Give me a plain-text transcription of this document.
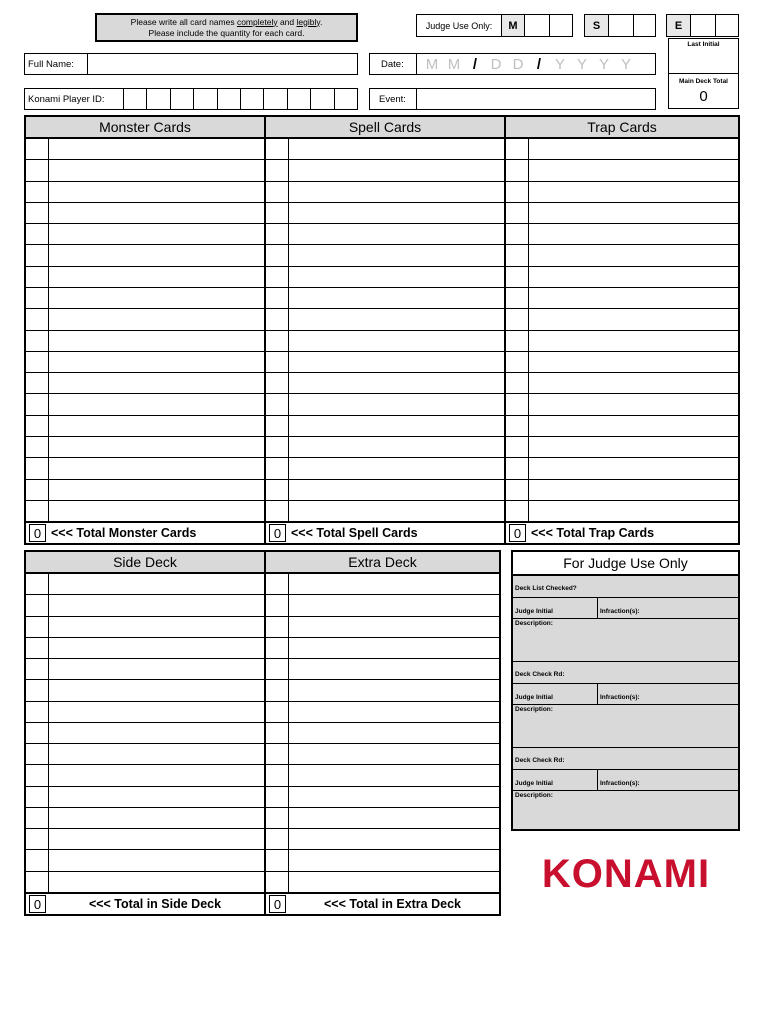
Please write all card names completely and legibly.
Please include the quantity for each card.
Judge Use Only:	M	S	E
Last Initial
Main Deck Total
0
Full Name:	Date:	M M / D D / Y Y Y Y
Konami Player ID:	Event:
Monster Cards
0 <<< Total Monster Cards
Spell Cards
0 <<< Total Spell Cards
Trap Cards
0 <<< Total Trap Cards
Side Deck
0	<<< Total in Side Deck
Extra Deck
0	<<< Total in Extra Deck
For Judge Use Only
Deck List Checked?
Judge Initial	Infraction(s):
Description:
Deck Check Rd:
Judge Initial	Infraction(s):
Description:
Deck Check Rd:
Judge Initial	Infraction(s):
Description:
KONAMI
